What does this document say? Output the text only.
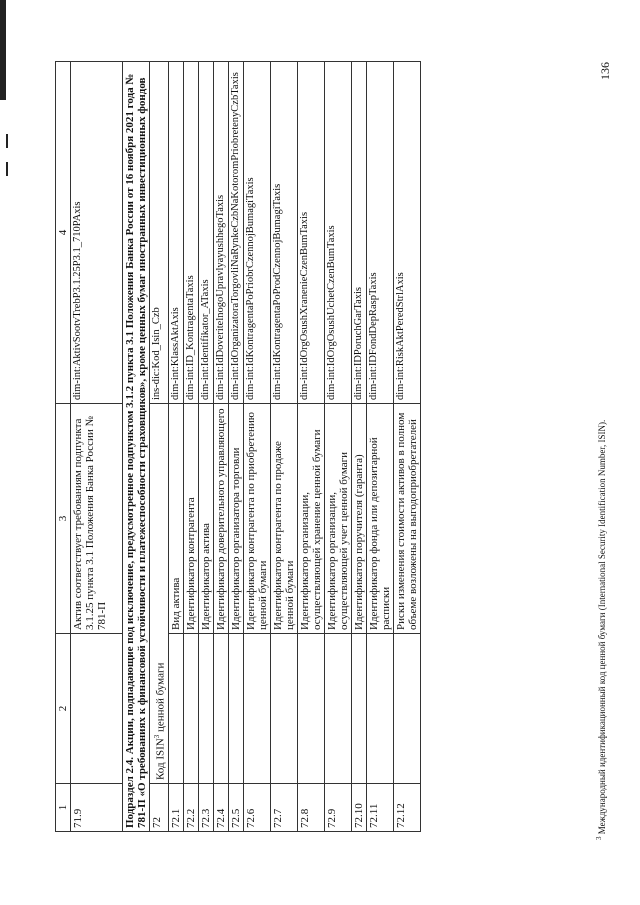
1	2	3	4
71.9		Актив соответствует требованиям подпункта 3.1.25 пункта 3.1 Положения Банка России № 781-П	dim-int:AktivSootvTrebP3.1.25P3.1_710PAxis
Подраздел 2.4. Акции, подпадающие под исключение, предусмотренное подпунктом 3.1.2 пункта 3.1 Положения Банка России от 16 ноября 2021 года № 781-П «О требованиях к финансовой устойчивости и платежеспособности страховщиков», кроме ценных бумаг иностранных инвестиционных фондов			
72	Код ISIN$^3$ ценной бумаги		ins-dic:Kod_Isin_Czb
72.1		Вид актива	dim-int:KlassAktAxis
72.2		Идентификатор контрагента	dim-int:ID_KontragentaTaxis
72.3		Идентификатор актива	dim-int:Identifikator_ATaxis
72.4		Идентификатор доверительного управляющего	dim-int:IdDoveritelnogoUpravlyayushhegoTaxis
72.5		Идентификатор организатора торговли	dim-int:IdOrganizatoraTorgovliNaRynkeCzbNaKotoromPriobretenyCzbTaxis
72.6		Идентификатор контрагента по приобретению ценной бумаги	dim-int:IdKontragentaPoPriobrCzennojBumagiTaxis
72.7		Идентификатор контрагента по продаже ценной бумаги	dim-int:IdKontragentaPoProdCzennojBumagiTaxis
72.8		Идентификатор организации, осуществляющей хранение ценной бумаги	dim-int:IdOrgOsushXranenieCzenBumTaxis
72.9		Идентификатор организации, осуществляющей учет ценной бумаги	dim-int:IdOrgOsushUchetCzenBumTaxis
72.10		Идентификатор поручителя (гаранта)	dim-int:IDPoruchGarTaxis
72.11		Идентификатор фонда или депозитарной расписки	dim-int:IDFondDepRaspTaxis
72.12		Риски изменения стоимости активов в полном объеме возложены на выгодоприобретателей	dim-int:RiskAktPeredStrlAxis
$^3$ Международный идентификационный код ценной бумаги (International Security Identification Number, ISIN).
136
